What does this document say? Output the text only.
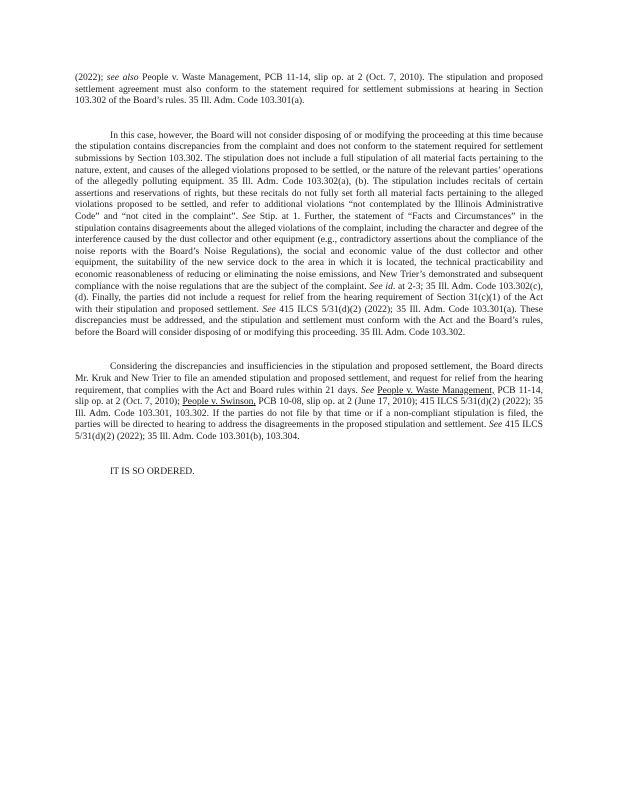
(2022); see also People v. Waste Management, PCB 11-14, slip op. at 2 (Oct. 7, 2010). The stipulation and proposed settlement agreement must also conform to the statement required for settlement submissions at hearing in Section 103.302 of the Board’s rules. 35 Ill. Adm. Code 103.301(a).

In this case, however, the Board will not consider disposing of or modifying the proceeding at this time because the stipulation contains discrepancies from the complaint and does not conform to the statement required for settlement submissions by Section 103.302. The stipulation does not include a full stipulation of all material facts pertaining to the nature, extent, and causes of the alleged violations proposed to be settled, or the nature of the relevant parties’ operations of the allegedly polluting equipment. 35 Ill. Adm. Code 103.302(a), (b). The stipulation includes recitals of certain assertions and reservations of rights, but these recitals do not fully set forth all material facts pertaining to the alleged violations proposed to be settled, and refer to additional violations “not contemplated by the Illinois Administrative Code” and “not cited in the complaint”. See Stip. at 1. Further, the statement of “Facts and Circumstances” in the stipulation contains disagreements about the alleged violations of the complaint, including the character and degree of the interference caused by the dust collector and other equipment (e.g., contradictory assertions about the compliance of the noise reports with the Board’s Noise Regulations), the social and economic value of the dust collector and other equipment, the suitability of the new service dock to the area in which it is located, the technical practicability and economic reasonableness of reducing or eliminating the noise emissions, and New Trier’s demonstrated and subsequent compliance with the noise regulations that are the subject of the complaint. See id. at 2-3; 35 Ill. Adm. Code 103.302(c), (d). Finally, the parties did not include a request for relief from the hearing requirement of Section 31(c)(1) of the Act with their stipulation and proposed settlement. See 415 ILCS 5/31(d)(2) (2022); 35 Ill. Adm. Code 103.301(a). These discrepancies must be addressed, and the stipulation and settlement must conform with the Act and the Board’s rules, before the Board will consider disposing of or modifying this proceeding. 35 Ill. Adm. Code 103.302.

Considering the discrepancies and insufficiencies in the stipulation and proposed settlement, the Board directs Mr. Kruk and New Trier to file an amended stipulation and proposed settlement, and request for relief from the hearing requirement, that complies with the Act and Board rules within 21 days. See People v. Waste Management, PCB 11-14, slip op. at 2 (Oct. 7, 2010); People v. Swinson, PCB 10-08, slip op. at 2 (June 17, 2010); 415 ILCS 5/31(d)(2) (2022); 35 Ill. Adm. Code 103.301, 103.302. If the parties do not file by that time or if a non-compliant stipulation is filed, the parties will be directed to hearing to address the disagreements in the proposed stipulation and settlement. See 415 ILCS 5/31(d)(2) (2022); 35 Ill. Adm. Code 103.301(b), 103.304.

IT IS SO ORDERED.
